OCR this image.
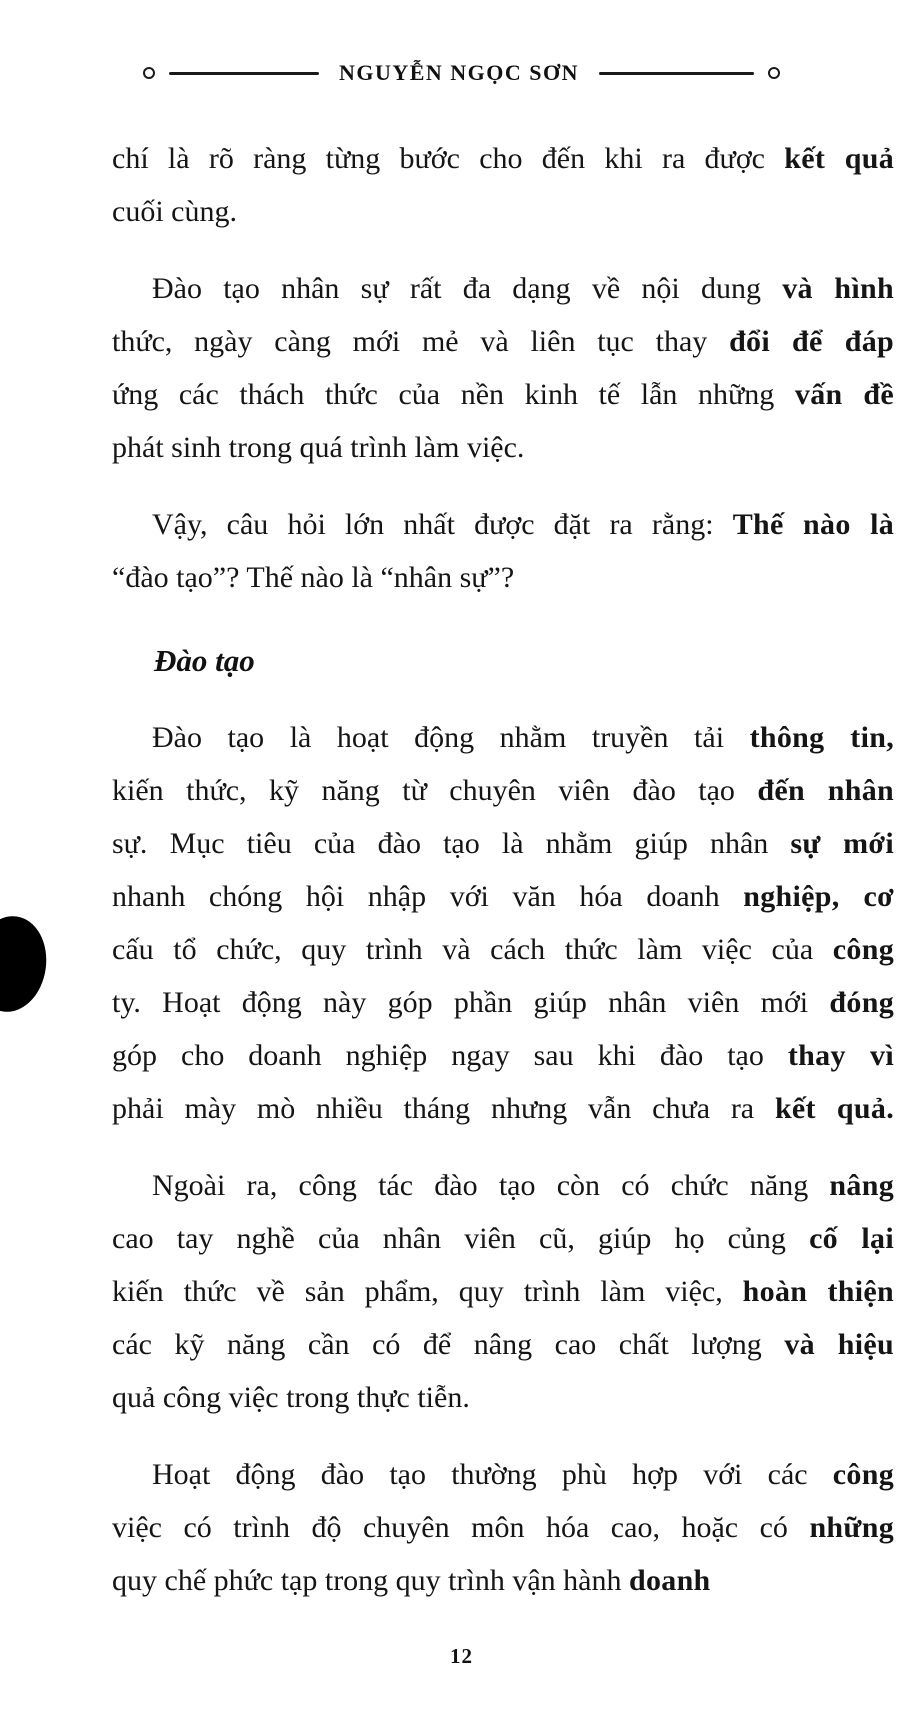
NGUYỄN NGỌC SƠN

chí là rõ ràng từng bước cho đến khi ra được kết quả
cuối cùng.

Đào tạo nhân sự rất đa dạng về nội dung và hình
thức, ngày càng mới mẻ và liên tục thay đổi để đáp
ứng các thách thức của nền kinh tế lẫn những vấn đề
phát sinh trong quá trình làm việc.

Vậy, câu hỏi lớn nhất được đặt ra rằng: Thế nào là
“đào tạo”? Thế nào là “nhân sự”?

Đào tạo

Đào tạo là hoạt động nhằm truyền tải thông tin,
kiến thức, kỹ năng từ chuyên viên đào tạo đến nhân
sự. Mục tiêu của đào tạo là nhằm giúp nhân sự mới
nhanh chóng hội nhập với văn hóa doanh nghiệp, cơ
cấu tổ chức, quy trình và cách thức làm việc của công
ty. Hoạt động này góp phần giúp nhân viên mới đóng
góp cho doanh nghiệp ngay sau khi đào tạo thay vì
phải mày mò nhiều tháng nhưng vẫn chưa ra kết quả.

Ngoài ra, công tác đào tạo còn có chức năng nâng
cao tay nghề của nhân viên cũ, giúp họ củng cố lại
kiến thức về sản phẩm, quy trình làm việc, hoàn thiện
các kỹ năng cần có để nâng cao chất lượng và hiệu
quả công việc trong thực tiễn.

Hoạt động đào tạo thường phù hợp với các công
việc có trình độ chuyên môn hóa cao, hoặc có những
quy chế phức tạp trong quy trình vận hành doanh

12
